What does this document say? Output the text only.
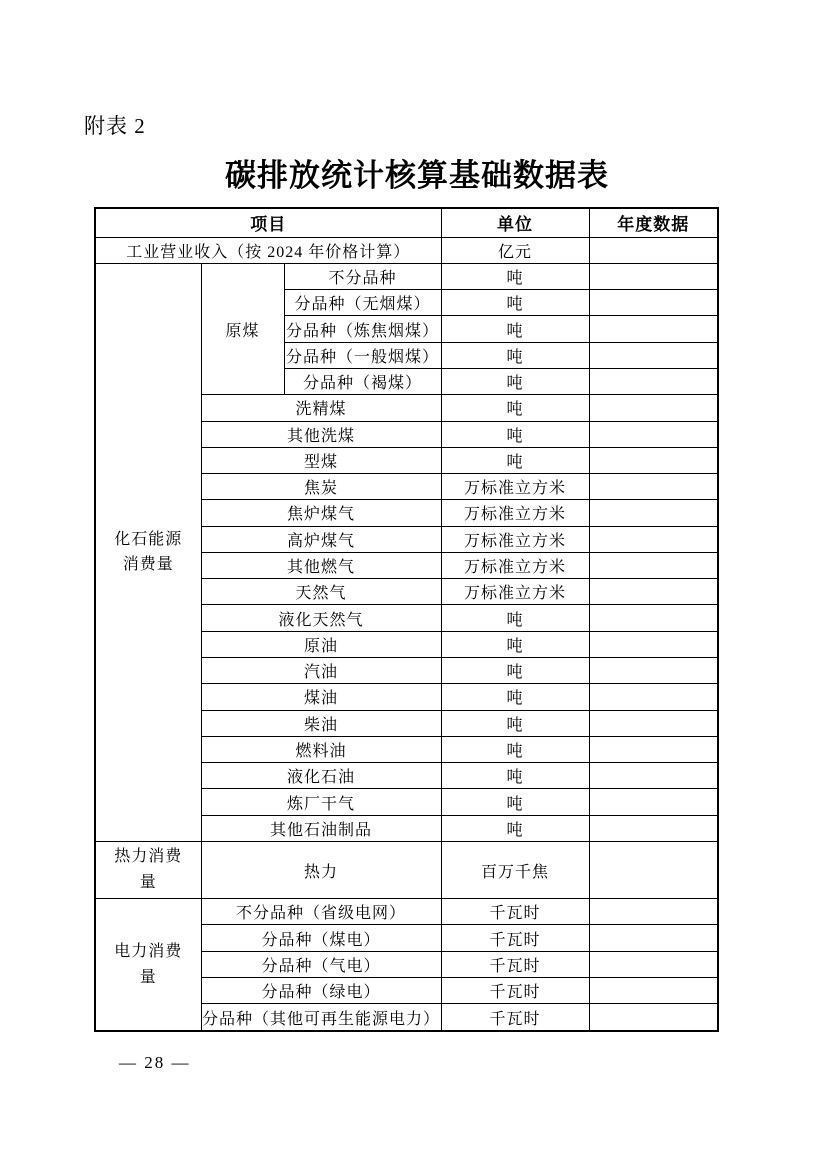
附表 2
碳排放统计核算基础数据表
项目			单位	年度数据
工业营业收入（按 2024 年价格计算）			亿元	
化石能源消费量	原煤	不分品种	吨	
		分品种（无烟煤）	吨	
		分品种（炼焦烟煤）	吨	
		分品种（一般烟煤）	吨	
		分品种（褐煤）	吨	
	洗精煤		吨	
	其他洗煤		吨	
	型煤		吨	
	焦炭		万标准立方米	
	焦炉煤气		万标准立方米	
	高炉煤气		万标准立方米	
	其他燃气		万标准立方米	
	天然气		万标准立方米	
	液化天然气		吨	
	原油		吨	
	汽油		吨	
	煤油		吨	
	柴油		吨	
	燃料油		吨	
	液化石油		吨	
	炼厂干气		吨	
	其他石油制品		吨	
热力消费量	热力		百万千焦	
电力消费量	不分品种（省级电网）		千瓦时	
	分品种（煤电）		千瓦时	
	分品种（气电）		千瓦时	
	分品种（绿电）		千瓦时	
	分品种（其他可再生能源电力）		千瓦时	
— 28 —
